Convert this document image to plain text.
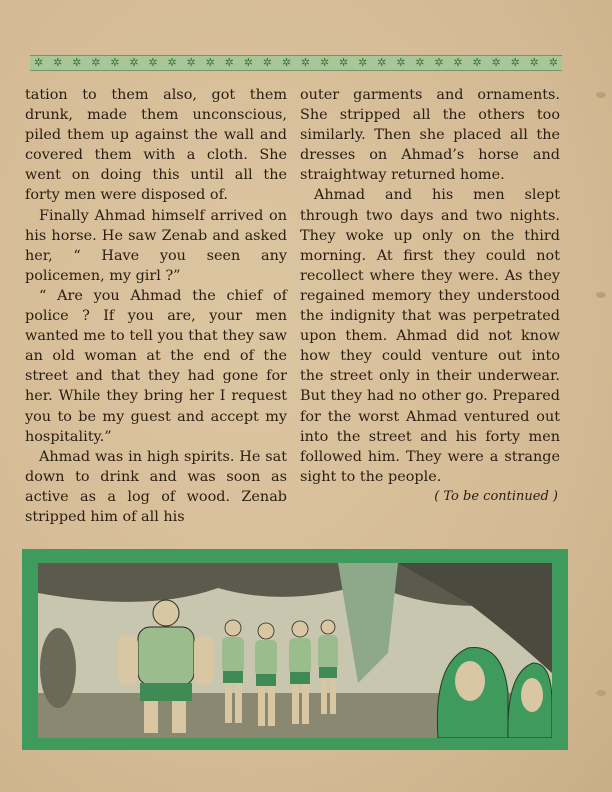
✲ ✲ ✲ ✲ ✲ ✲ ✲ ✲ ✲ ✲ ✲ ✲ ✲ ✲ ✲ ✲ ✲ ✲ ✲ ✲ ✲ ✲ ✲ ✲ ✲ ✲ ✲ ✲

tation to them also, got them drunk, made them unconscious, piled them up against the wall and covered them with a cloth. She went on doing this until all the forty men were disposed of.

Finally Ahmad himself arrived on his horse. He saw Zenab and asked her, “ Have you seen any policemen, my girl ?”

“ Are you Ahmad the chief of police ? If you are, your men wanted me to tell you that they saw an old woman at the end of the street and that they had gone for her. While they bring her I request you to be my guest and accept my hospitality.”

Ahmad was in high spirits. He sat down to drink and was soon as active as a log of wood. Zenab stripped him of all his

outer garments and ornaments. She stripped all the others too similarly. Then she placed all the dresses on Ahmad’s horse and straightway returned home.

Ahmad and his men slept through two days and two nights. They woke up only on the third morning. At first they could not recollect where they were. As they regained memory they understood the indignity that was perpetrated upon them. Ahmad did not know how they could venture out into the street only in their underwear. But they had no other go. Prepared for the worst Ahmad ventured out into the street and his forty men followed him. They were a strange sight to the people.

( To be continued )
